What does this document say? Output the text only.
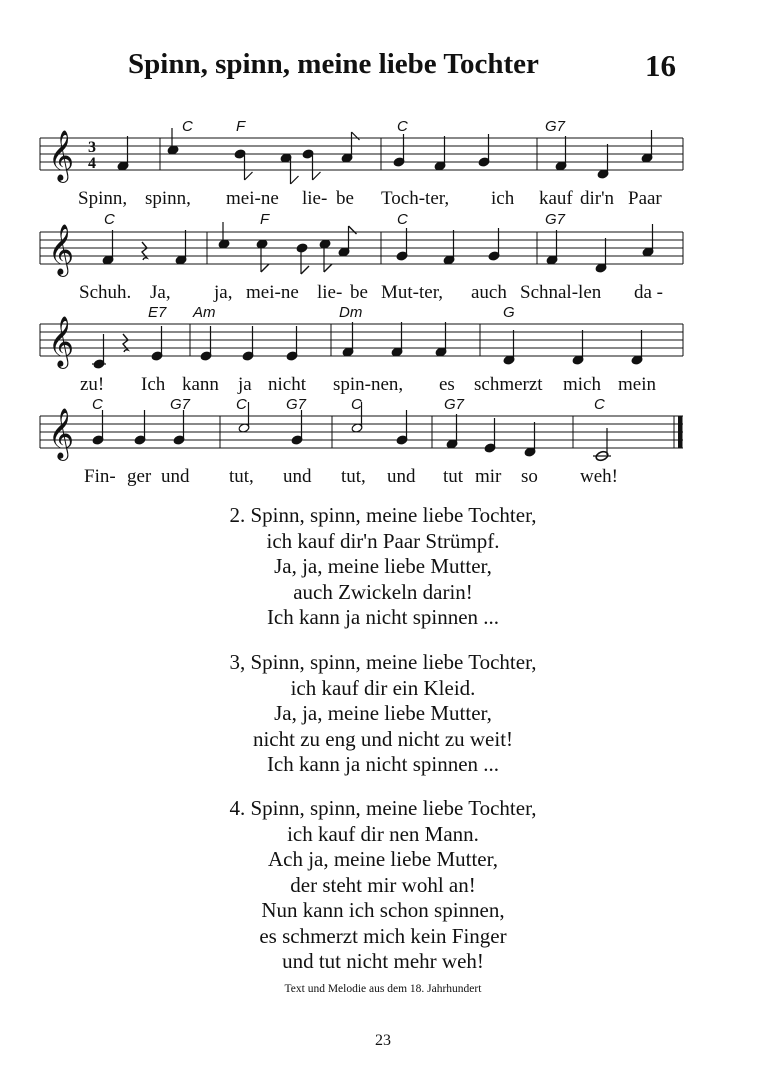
Spinn, spinn, meine liebe Tochter	16
C	F	C	G7
𝄞 3
4
Spinn, spinn, mei-ne lie- be Toch-ter, ich kauf dir'n Paar
C	F	C	G7
𝄞
Schuh. Ja, ja, mei-ne lie- be Mut-ter, auch Schnal-len da -
E7 Am	Dm	G
𝄞
zu! Ich kann ja nicht spin-nen, es schmerzt mich mein
C	G7	C	G7	C	G7	C
𝄞
Fin- ger und tut, und tut, und tut mir so weh!
2. Spinn, spinn, meine liebe Tochter,
ich kauf dir'n Paar Strümpf.
Ja, ja, meine liebe Mutter,
auch Zwickeln darin!
Ich kann ja nicht spinnen ...
3, Spinn, spinn, meine liebe Tochter,
ich kauf dir ein Kleid.
Ja, ja, meine liebe Mutter,
nicht zu eng und nicht zu weit!
Ich kann ja nicht spinnen ...
4. Spinn, spinn, meine liebe Tochter,
ich kauf dir nen Mann.
Ach ja, meine liebe Mutter,
der steht mir wohl an!
Nun kann ich schon spinnen,
es schmerzt mich kein Finger
und tut nicht mehr weh!
Text und Melodie aus dem 18. Jahrhundert
23
